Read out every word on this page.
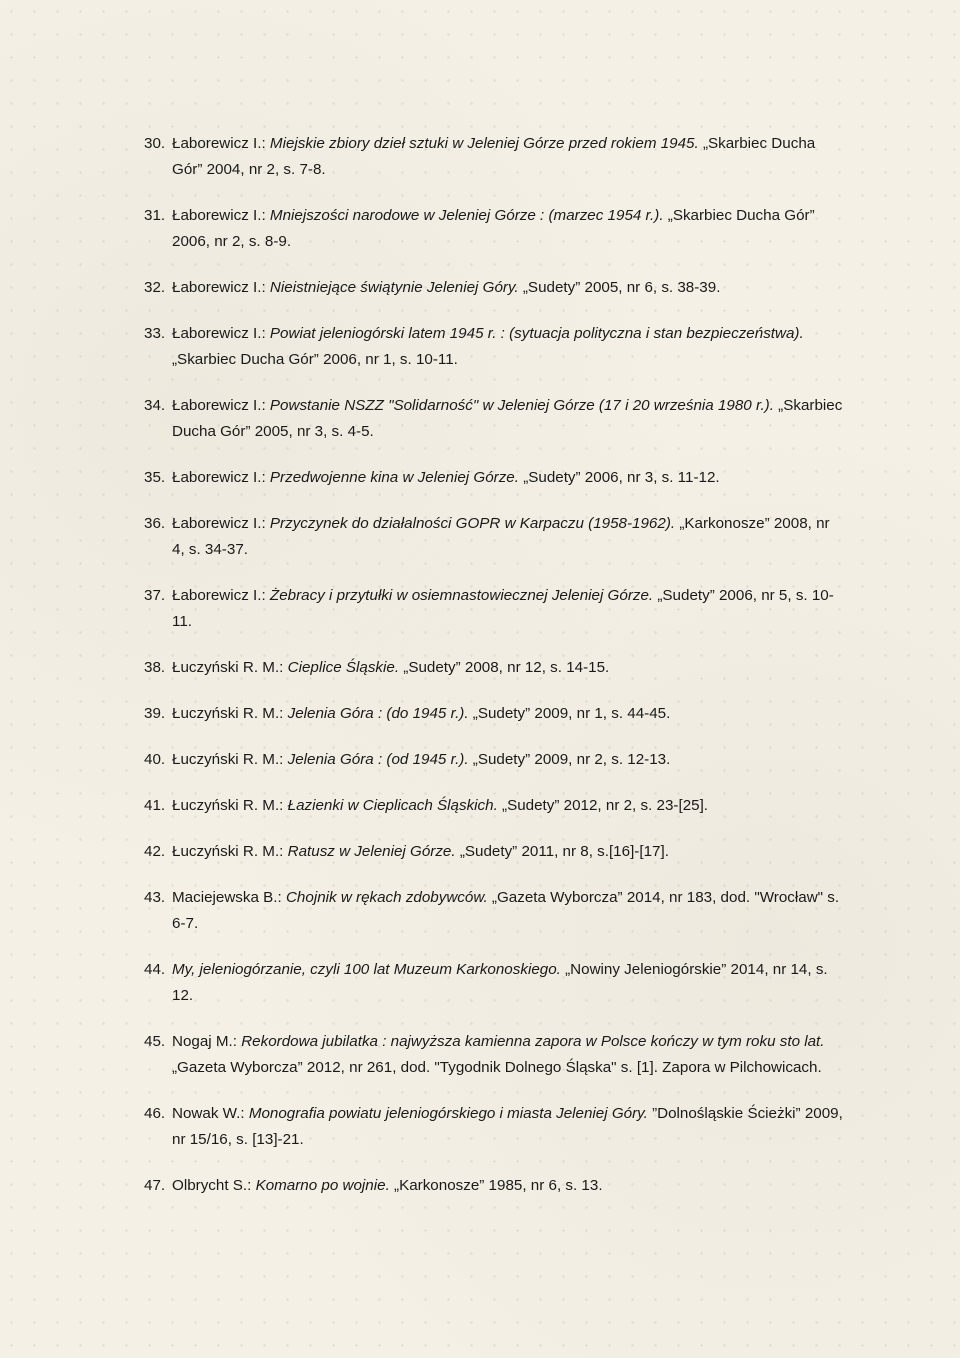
30. Łaborewicz I.: Miejskie zbiory dzieł sztuki w Jeleniej Górze przed rokiem 1945. „Skarbiec Ducha Gór” 2004, nr 2, s. 7-8.
31. Łaborewicz I.: Mniejszości narodowe w Jeleniej Górze : (marzec 1954 r.). „Skarbiec Ducha Gór” 2006, nr 2, s. 8-9.
32. Łaborewicz I.: Nieistniejące świątynie Jeleniej Góry. „Sudety” 2005, nr 6, s. 38-39.
33. Łaborewicz I.: Powiat jeleniogórski latem 1945 r. : (sytuacja polityczna i stan bezpieczeństwa). „Skarbiec Ducha Gór” 2006, nr 1, s. 10-11.
34. Łaborewicz I.: Powstanie NSZZ "Solidarność" w Jeleniej Górze (17 i 20 września 1980 r.). „Skarbiec Ducha Gór” 2005, nr 3, s. 4-5.
35. Łaborewicz I.: Przedwojenne kina w Jeleniej Górze. „Sudety” 2006, nr 3, s. 11-12.
36. Łaborewicz I.: Przyczynek do działalności GOPR w Karpaczu (1958-1962). „Karkonosze” 2008, nr 4, s. 34-37.
37. Łaborewicz I.: Żebracy i przytułki w osiemnastowiecznej Jeleniej Górze. „Sudety” 2006, nr 5, s. 10-11.
38. Łuczyński R. M.: Cieplice Śląskie. „Sudety” 2008, nr 12, s. 14-15.
39. Łuczyński R. M.: Jelenia Góra : (do 1945 r.). „Sudety” 2009, nr 1, s. 44-45.
40. Łuczyński R. M.: Jelenia Góra : (od 1945 r.). „Sudety” 2009, nr 2, s. 12-13.
41. Łuczyński R. M.: Łazienki w Cieplicach Śląskich. „Sudety” 2012, nr 2, s. 23-[25].
42. Łuczyński R. M.: Ratusz w Jeleniej Górze. „Sudety” 2011, nr 8, s.[16]-[17].
43. Maciejewska B.: Chojnik w rękach zdobywców. „Gazeta Wyborcza” 2014, nr 183, dod. "Wrocław" s. 6-7.
44. My, jeleniogórzanie, czyli 100 lat Muzeum Karkonoskiego. „Nowiny Jeleniogórskie” 2014, nr 14, s. 12.
45. Nogaj M.: Rekordowa jubilatka : najwyższa kamienna zapora w Polsce kończy w tym roku sto lat. „Gazeta Wyborcza” 2012, nr 261, dod. "Tygodnik Dolnego Śląska" s. [1]. Zapora w Pilchowicach.
46. Nowak W.: Monografia powiatu jeleniogórskiego i miasta Jeleniej Góry. ”Dolnośląskie Ścieżki” 2009, nr 15/16, s. [13]-21.
47. Olbrycht S.: Komarno po wojnie. „Karkonosze” 1985, nr 6, s. 13.
